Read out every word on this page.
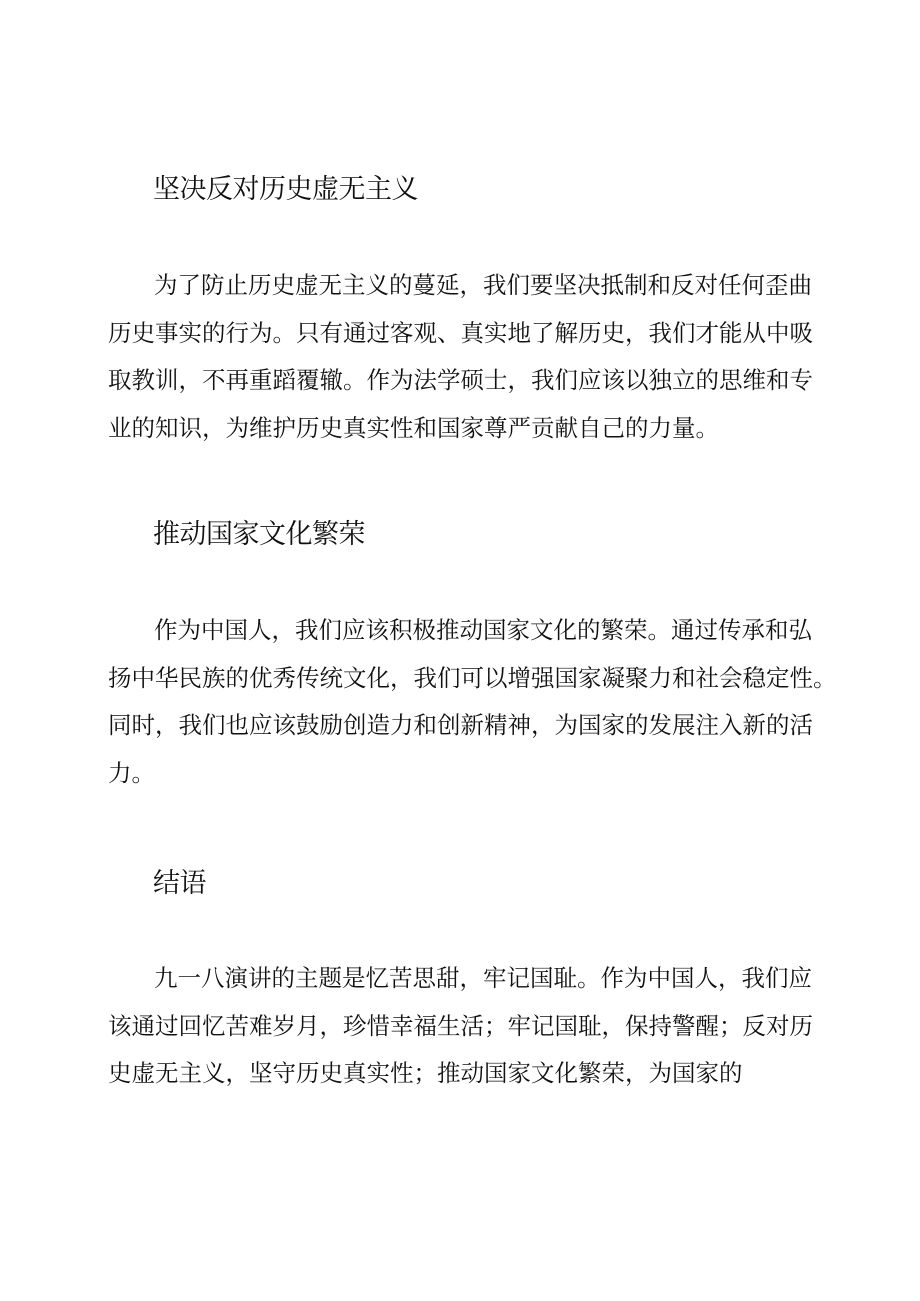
坚决反对历史虚无主义
为了防止历史虚无主义的蔓延，我们要坚决抵制和反对任何歪曲
历史事实的行为。只有通过客观、真实地了解历史，我们才能从中吸
取教训，不再重蹈覆辙。作为法学硕士，我们应该以独立的思维和专
业的知识，为维护历史真实性和国家尊严贡献自己的力量。
推动国家文化繁荣
作为中国人，我们应该积极推动国家文化的繁荣。通过传承和弘
扬中华民族的优秀传统文化，我们可以增强国家凝聚力和社会稳定性。
同时，我们也应该鼓励创造力和创新精神，为国家的发展注入新的活
力。
结语
九一八演讲的主题是忆苦思甜，牢记国耻。作为中国人，我们应
该通过回忆苦难岁月，珍惜幸福生活；牢记国耻，保持警醒；反对历
史虚无主义，坚守历史真实性；推动国家文化繁荣，为国家的
